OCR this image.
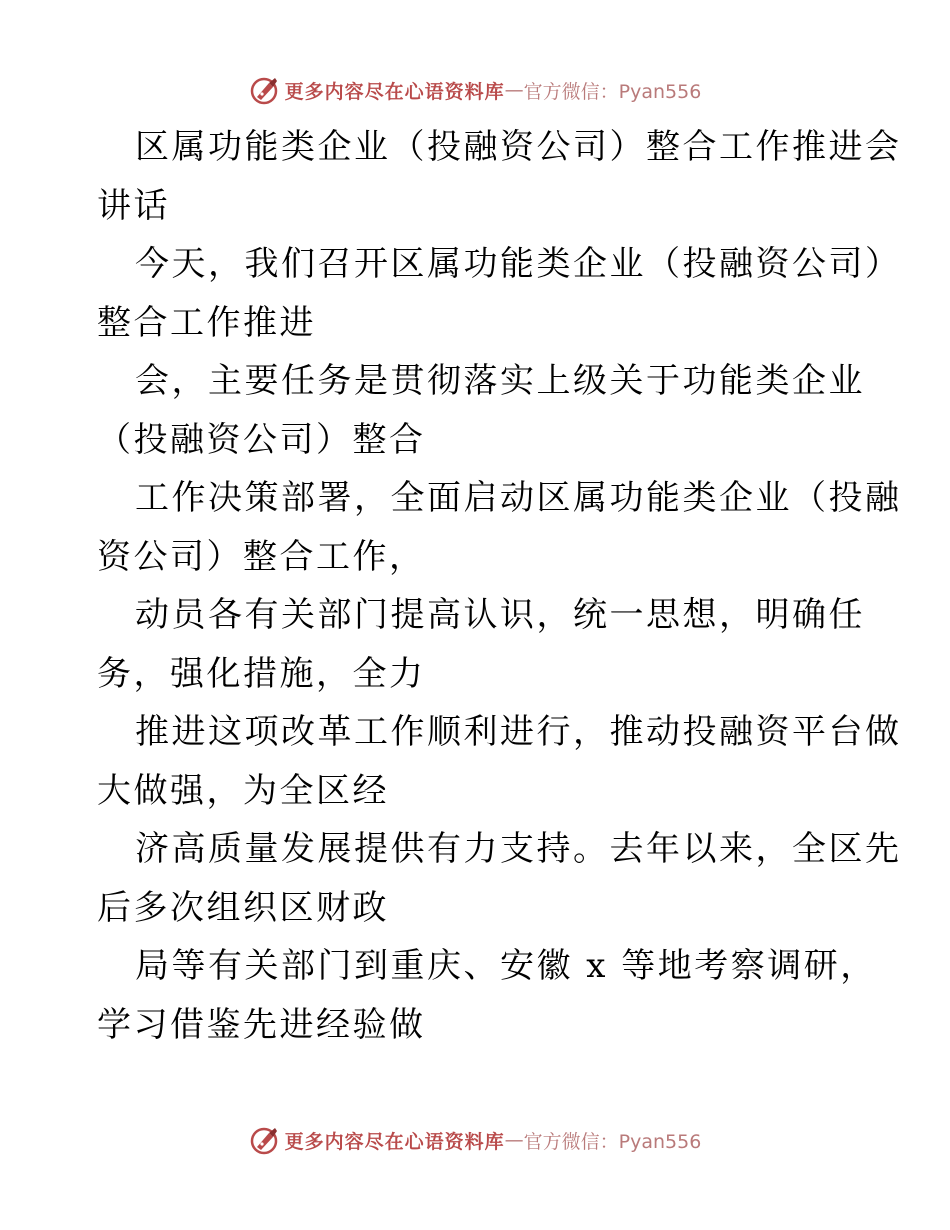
更多内容尽在心语资料库 — 官方微信：Pyan556
区属功能类企业（投融资公司）整合工作推进会
讲话
今天，我们召开区属功能类企业（投融资公司）
整合工作推进
会，主要任务是贯彻落实上级关于功能类企业
（投融资公司）整合
工作决策部署，全面启动区属功能类企业（投融
资公司）整合工作，
动员各有关部门提高认识，统一思想，明确任
务，强化措施，全力
推进这项改革工作顺利进行，推动投融资平台做
大做强，为全区经
济高质量发展提供有力支持。去年以来，全区先
后多次组织区财政
局等有关部门到重庆、安徽 x 等地考察调研，
学习借鉴先进经验做
更多内容尽在心语资料库 — 官方微信：Pyan556
